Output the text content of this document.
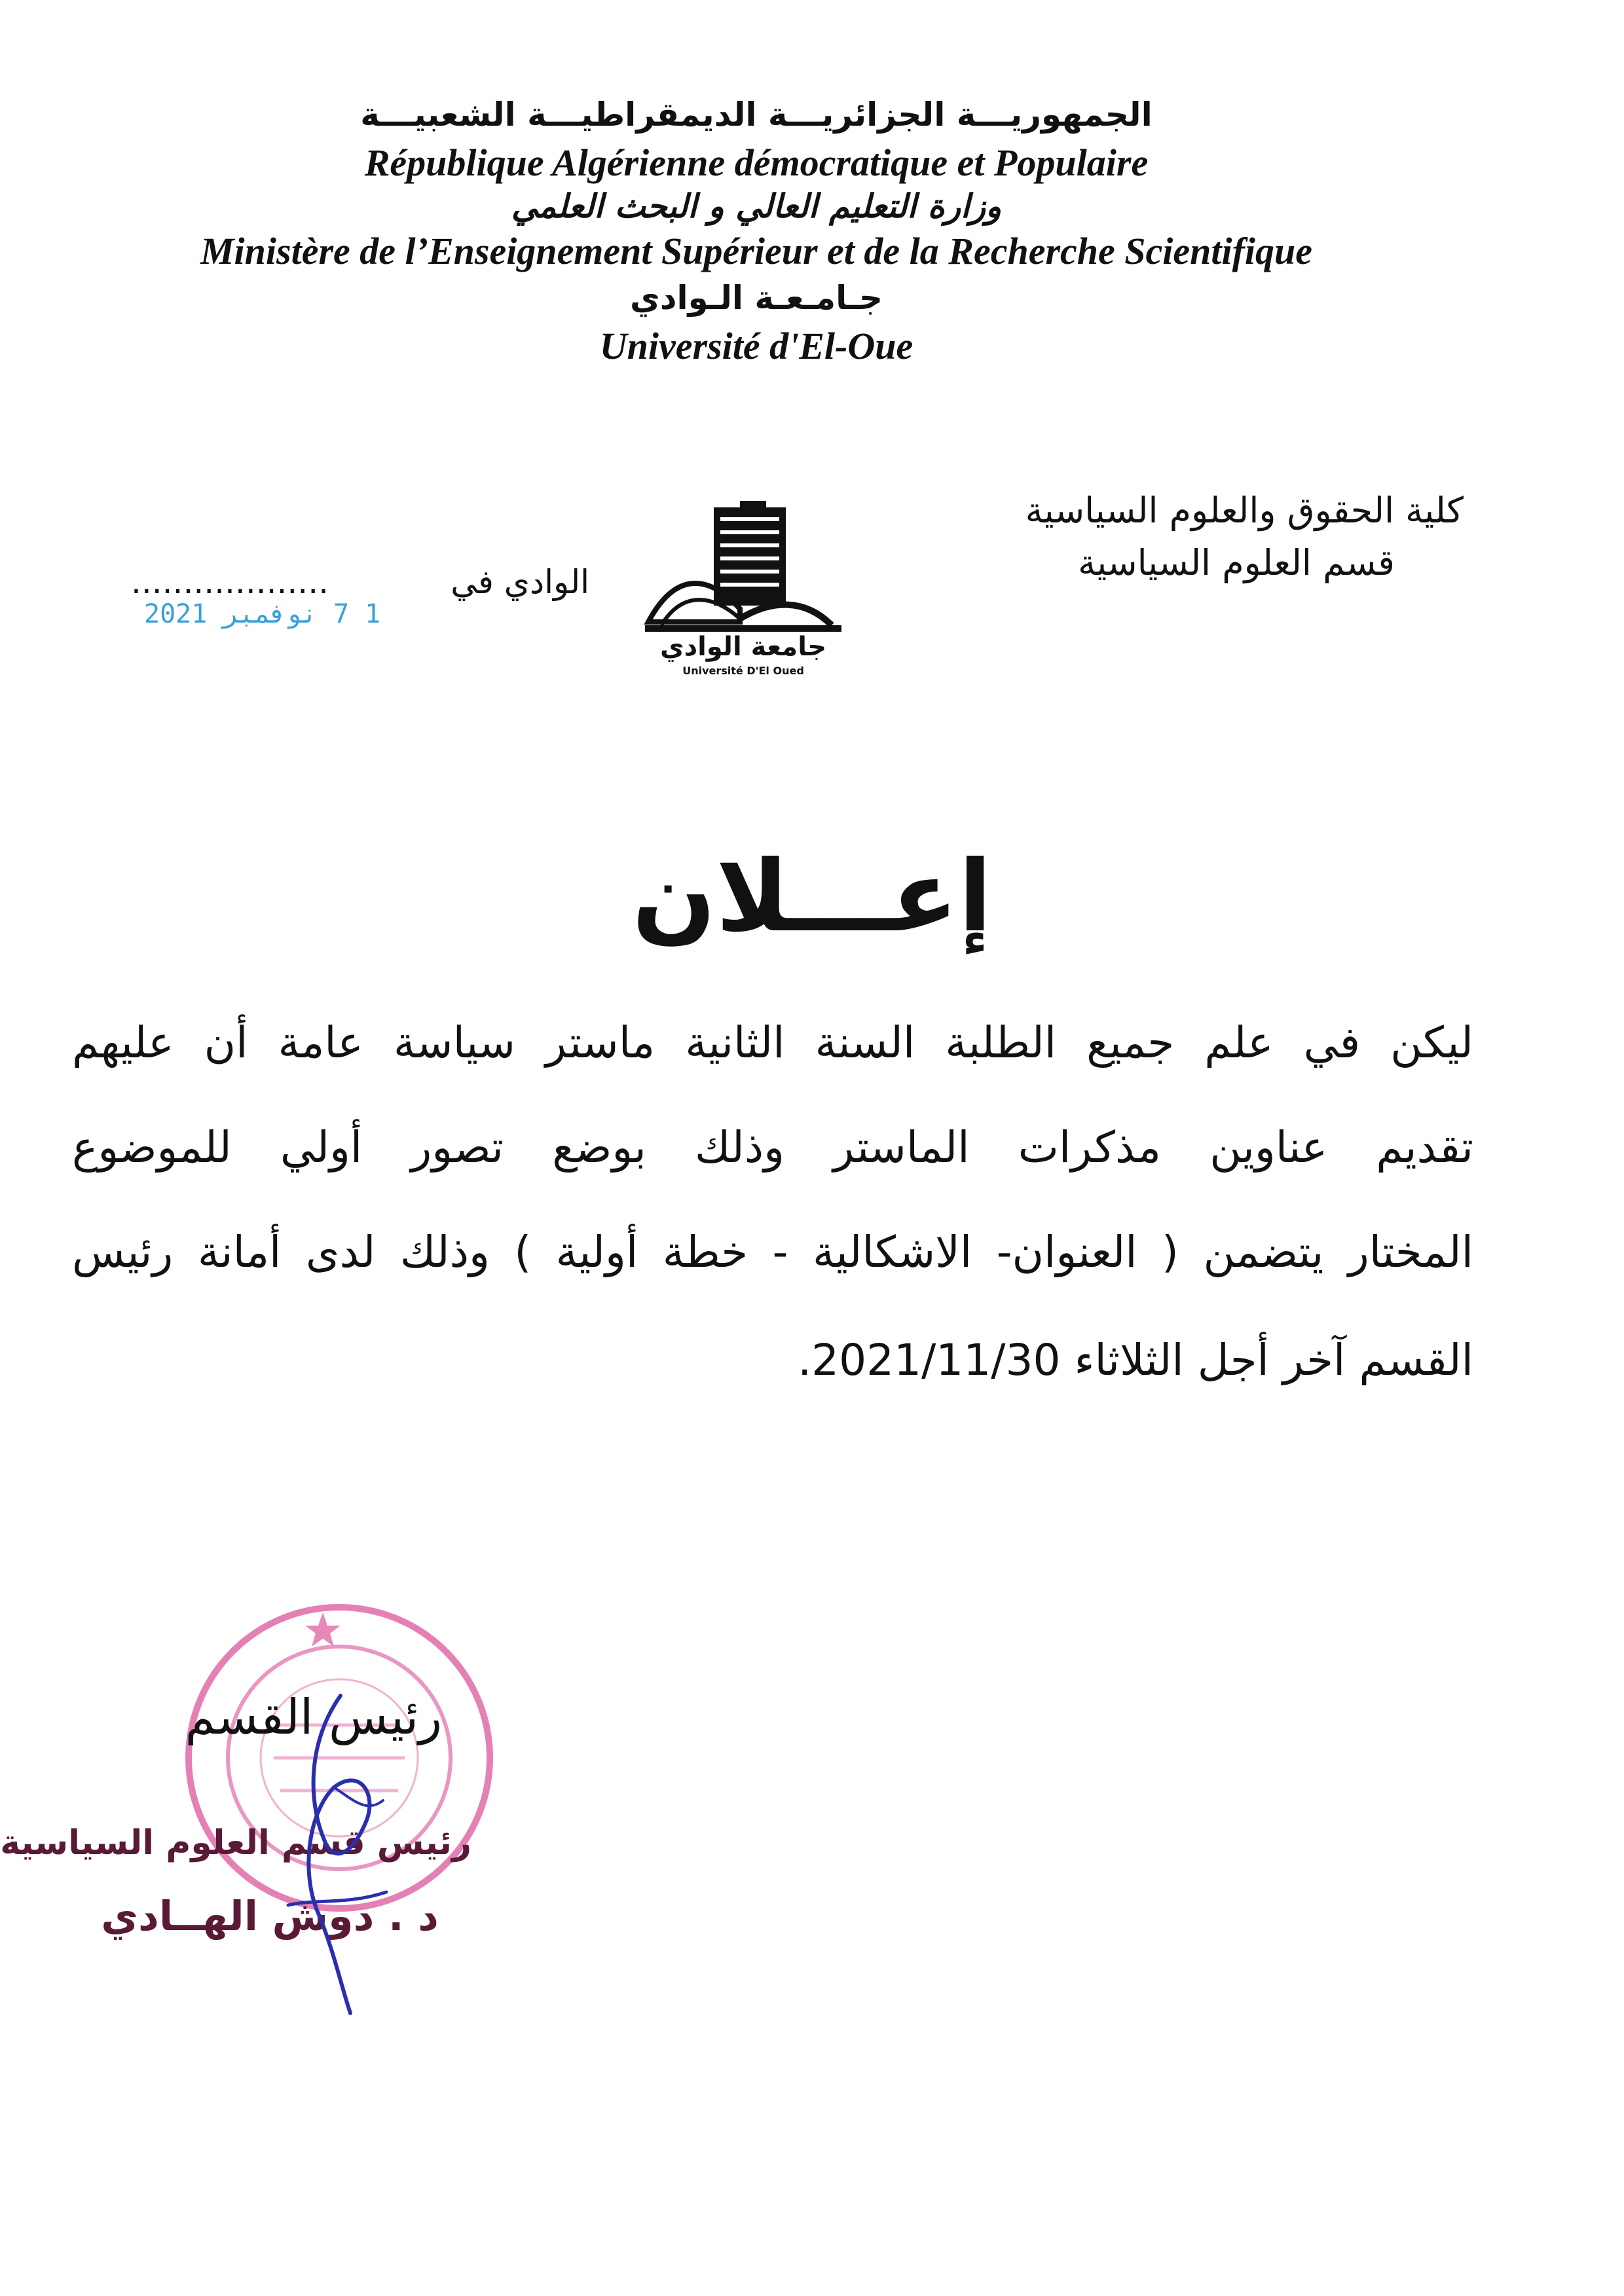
الجمهوريـــة الجزائريـــة الديمقراطيـــة الشعبيـــة
République Algérienne démocratique et Populaire
وزارة التعليم العالي و البحث العلمي
Ministère de l’Enseignement Supérieur et de la Recherche Scientifique
جـامـعـة الـوادي
Université d'El-Oue
كلية الحقوق والعلوم السياسية
قسم العلوم السياسية
جامعة الوادي
Université D'El Oued
الوادي في
...................
1 7 نوفمبر 2021
إعـــلان
ليكن في علم جميع الطلبة السنة الثانية ماستر سياسة عامة أن عليهم
تقديم عناوين مذكرات الماستر وذلك بوضع تصور أولي للموضوع
المختار يتضمن ( العنوان- الاشكالية - خطة أولية ) وذلك لدى أمانة رئيس
القسم آخر أجل الثلاثاء 2021/11/30.
رئيس القسم
رئيس قسم العلوم السياسية
د . دوش الهــادي
